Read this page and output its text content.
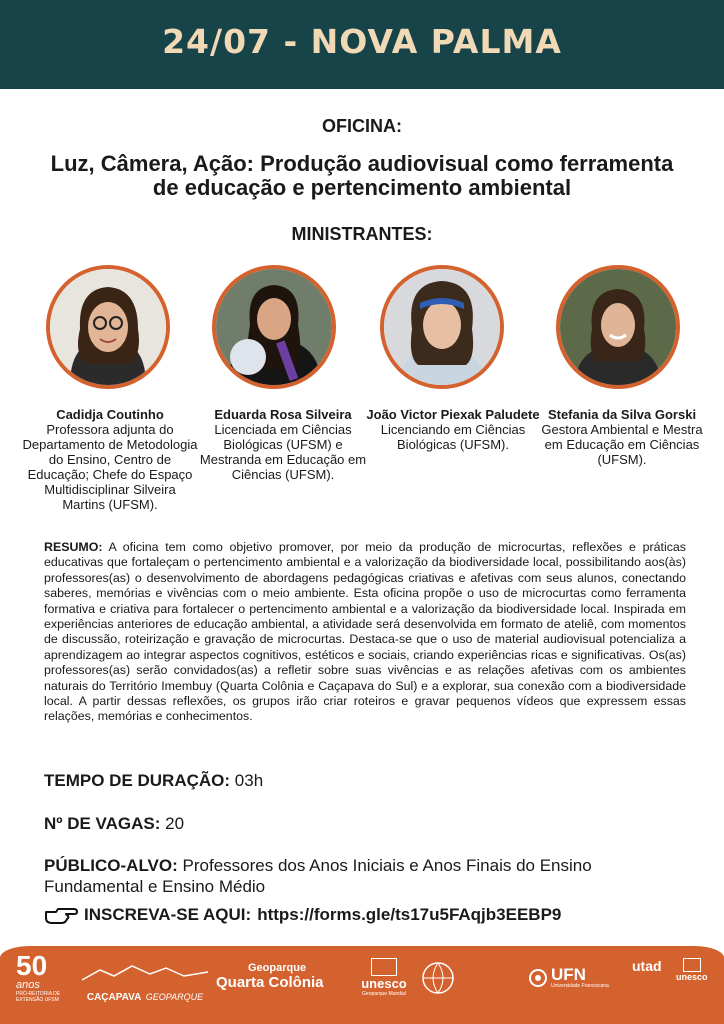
24/07 - NOVA PALMA
OFICINA:
Luz, Câmera, Ação: Produção audiovisual como ferramenta de educação e pertencimento ambiental
MINISTRANTES:
Cadidja Coutinho
Professora adjunta do Departamento de Metodologia do Ensino, Centro de Educação; Chefe do Espaço Multidisciplinar Silveira Martins (UFSM).
Eduarda Rosa Silveira
Licenciada em Ciências Biológicas (UFSM) e Mestranda em Educação em Ciências (UFSM).
João Victor Piexak Paludete
Licenciando em Ciências Biológicas (UFSM).
Stefania da Silva Gorski
Gestora Ambiental e Mestra em Educação em Ciências (UFSM).
RESUMO: A oficina tem como objetivo promover, por meio da produção de microcurtas, reflexões e práticas educativas que fortaleçam o pertencimento ambiental e a valorização da biodiversidade local, possibilitando aos(às) professores(as) o desenvolvimento de abordagens pedagógicas criativas e afetivas com seus alunos, conectando saberes, memórias e vivências com o meio ambiente. Esta oficina propõe o uso de microcurtas como ferramenta formativa e criativa para fortalecer o pertencimento ambiental e a valorização da biodiversidade local. Inspirada em experiências anteriores de educação ambiental, a atividade será desenvolvida em formato de ateliê, com momentos de discussão, roteirização e gravação de microcurtas. Destaca-se que o uso de material audiovisual potencializa a aprendizagem ao integrar aspectos cognitivos, estéticos e sociais, criando experiências ricas e significativas. Os(as) professores(as) serão convidados(as) a refletir sobre suas vivências e as relações afetivas com os ambientes naturais do Território Imembuy (Quarta Colônia e Caçapava do Sul) e a explorar, sua conexão com a biodiversidade local. A partir dessas reflexões, os grupos irão criar roteiros e gravar pequenos vídeos que expressem essas relações, memórias e conhecimentos.
TEMPO DE DURAÇÃO: 03h
Nº DE VAGAS: 20
PÚBLICO-ALVO: Professores dos Anos Iniciais e Anos Finais do Ensino Fundamental e Ensino Médio
INSCREVA-SE AQUI: https://forms.gle/ts17u5FAqjb3EEBP9
50
anos
PRÓ-REITORIA DE EXTENSÃO UFSM	CAÇAPAVA GEOPARQUE
Geoparque
Quarta Colônia	unesco
Geoparque Mundial
UFN
Universidade Franciscana
utad
unesco
